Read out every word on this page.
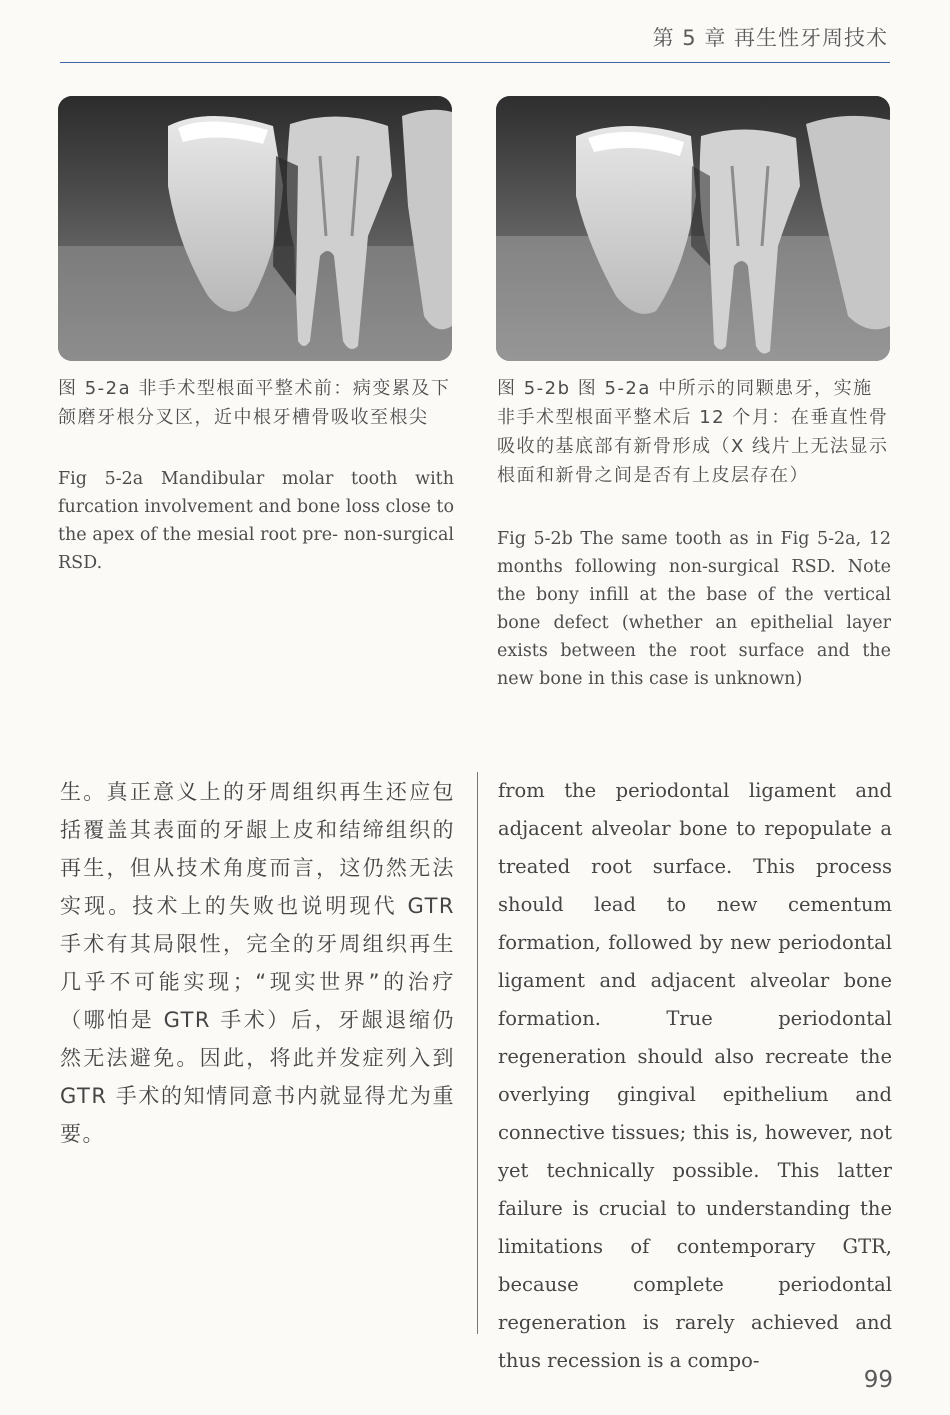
第 5 章 再生性牙周技术
图 5-2a 非手术型根面平整术前：病变累及下颌磨牙根分叉区，近中根牙槽骨吸收至根尖
Fig 5-2a Mandibular molar tooth with furcation involvement and bone loss close to the apex of the mesial root pre- non-surgical RSD.
图 5-2b 图 5-2a 中所示的同颗患牙，实施非手术型根面平整术后 12 个月：在垂直性骨吸收的基底部有新骨形成（X 线片上无法显示根面和新骨之间是否有上皮层存在）
Fig 5-2b The same tooth as in Fig 5-2a, 12 months following non-surgical RSD. Note the bony infill at the base of the vertical bone defect (whether an epithelial layer exists between the root surface and the new bone in this case is unknown)
生。真正意义上的牙周组织再生还应包括覆盖其表面的牙龈上皮和结缔组织的再生，但从技术角度而言，这仍然无法实现。技术上的失败也说明现代 GTR 手术有其局限性，完全的牙周组织再生几乎不可能实现；“现实世界”的治疗（哪怕是 GTR 手术）后，牙龈退缩仍然无法避免。因此，将此并发症列入到 GTR 手术的知情同意书内就显得尤为重要。
from the periodontal ligament and adjacent alveolar bone to repopulate a treated root surface. This process should lead to new cementum formation, followed by new periodontal ligament and adjacent alveolar bone formation. True periodontal regeneration should also recreate the overlying gingival epithelium and connective tissues; this is, however, not yet technically possible. This latter failure is crucial to understanding the limitations of contemporary GTR, because complete periodontal regeneration is rarely achieved and thus recession is a compo-
99
